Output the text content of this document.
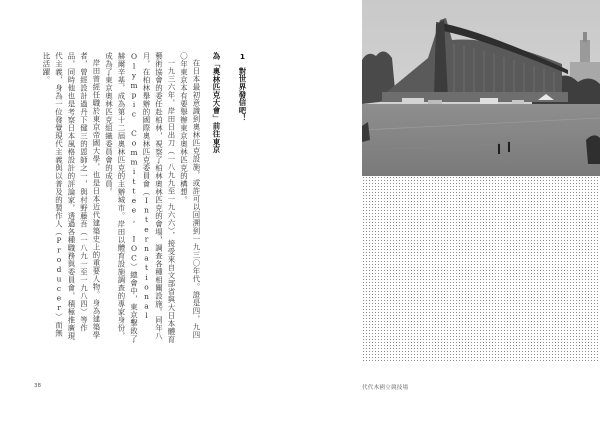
1對世界發信吧！
為「奧林匹克大會」前往東京

在日本最初意識到奧林匹克設施，或許可以回溯到一九三〇年代。證是四，九四〇年東京本有要舉辦東京奧林匹克的構想。

一九三六年，岸田日出刀（一八九九至一九六六），接受來自文部省與大日本體育藝術協會的委任赴柏林，視察了柏林奧林匹克的會場，調查各種相關設施。同年八月，在柏林舉辦的國際奧林匹克委員會（International Olympic Committee, IOC）總會中，東京擊敗了赫爾辛基，成為第十二屆奧林匹克的主辦城市。岸田以體育設施調查的專家身份，成為了東京奧林匹克組織委員會的成員。

岸田曾經任職於東京帝國大學，也是日本近代建築史上的重要人物。身為建築學者，曾經設計過丹下健三的恩師之一，與村野藤吾（一八九一至一九八四）等作品，同時他也是考察日本風格設計的評論家，透過各種職務與委員會，積極推廣現代主義，身為一位發覺現代主義與以普及的製作人（Producer）而無比活躍。

38	代代木國立競技場
